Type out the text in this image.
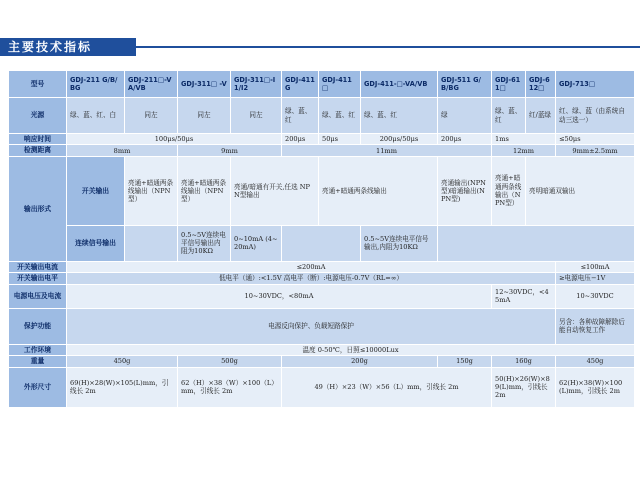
主要技术指标
型号	GDJ-211 G/B/BG	GDJ-211□-VA/VB	GDJ-311□ -V	GDJ-311□-I1/I2	GDJ-411G	GDJ-411□	GDJ-411-□-VA/VB	GDJ-511 G/B/BG	GDJ-611□	GDJ-612□	GDJ-713□	
光源	绿、蓝、红、白	同左	同左	同左	绿、蓝、红	绿、蓝、红	绿、蓝、红	绿	绿、蓝、红	红/蓝绿	红、绿、蓝（由系统自动三选一）	
响应时间	100μs/50μs				200μs	50μs	200μs/50μs	200μs	1ms		≤50μs	
检测距离	8mm		9mm		11mm				12mm		9mm±2.5mm	
输出形式	开关输出	亮通+暗通两条线输出（NPN型）	亮通+暗通两条线输出（NPN型）	亮通/暗通有开关,任选 NPN型输出		亮通+暗通两条线输出		亮通输出(NPN型)暗通输出(NPN型)	亮通+暗通两条线输出（NPN型）	亮明暗通双输出	
	连续信号输出		0.5~5V连续电平信号输出内阻为10KΩ	0~10mA (4~20mA)			0.5~5V连续电平信号输出,内阻为10KΩ					
开关输出电流	≤200mA										≤100mA	
开关输出电平	低电平（通）:<1.5V 高电平（断）:电源电压-0.7V（RL=∞）										≥电源电压−1V	
电源电压及电流	10~30VDC，<80mA								12~30VDC，<45mA		10~30VDC	
保护功能	电源反向保护、负载短路保护										另含：各种故障解除后能自动恢复工作	
工作环境	温度 0-50℃，日照≤10000Lux											
重量	450g		500g		200g			150g	160g		450g	
外形尺寸	69(H)×28(W)×105(L)mm，引线长 2m		62（H）×38（W）×100（L）mm，引线长 2m		49（H）×23（W）×56（L）mm，引线长 2m				50(H)×26(W)×89(L)mm，引线长 2m		62(H)×38(W)×100(L)mm，引线长 2m	
